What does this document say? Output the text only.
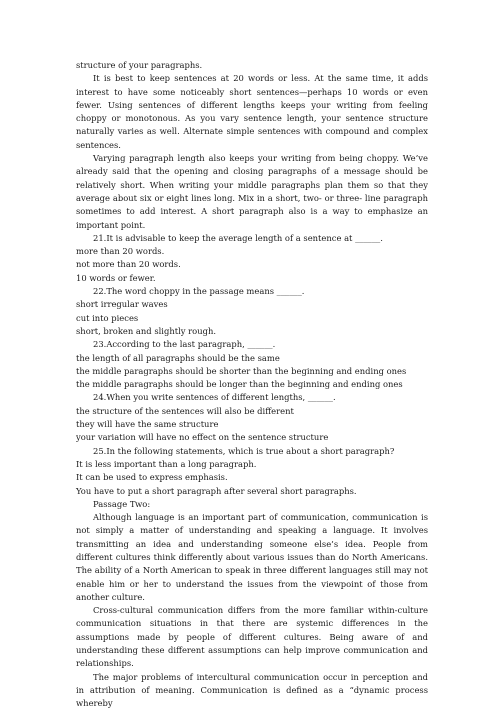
structure of your paragraphs.

It is best to keep sentences at 20 words or less. At the same time, it adds interest to have some noticeably short sentences—perhaps 10 words or even fewer. Using sentences of different lengths keeps your writing from feeling choppy or monotonous. As you vary sentence length, your sentence structure naturally varies as well. Alternate simple sentences with compound and complex sentences.

Varying paragraph length also keeps your writing from being choppy. We’ve already said that the opening and closing paragraphs of a message should be relatively short. When writing your middle paragraphs plan them so that they average about six or eight lines long. Mix in a short, two- or three- line paragraph sometimes to add interest. A short paragraph also is a way to emphasize an important point.

21.It is advisable to keep the average length of a sentence at ______.

more than 20 words.

not more than 20 words.

10 words or fewer.

22.The word choppy in the passage means ______.

short irregular waves

cut into pieces

short, broken and slightly rough.

23.According to the last paragraph, ______.

the length of all paragraphs should be the same

the middle paragraphs should be shorter than the beginning and ending ones

the middle paragraphs should be longer than the beginning and ending ones

24.When you write sentences of different lengths, ______.

the structure of the sentences will also be different

they will have the same structure

your variation will have no effect on the sentence structure

25.In the following statements, which is true about a short paragraph?

It is less important than a long paragraph.

It can be used to express emphasis.

You have to put a short paragraph after several short paragraphs.

Passage Two:

Although language is an important part of communication, communication is not simply a matter of understanding and speaking a language. It involves transmitting an idea and understanding someone else’s idea. People from different cultures think differently about various issues than do North Americans. The ability of a North American to speak in three different languages still may not enable him or her to understand the issues from the viewpoint of those from another culture.

Cross-cultural communication differs from the more familiar within-culture communication situations in that there are systemic differences in the assumptions made by people of different cultures. Being aware of and understanding these different assumptions can help improve communication and relationships.

The major problems of intercultural communication occur in perception and in attribution of meaning. Communication is defined as a “dynamic process whereby
